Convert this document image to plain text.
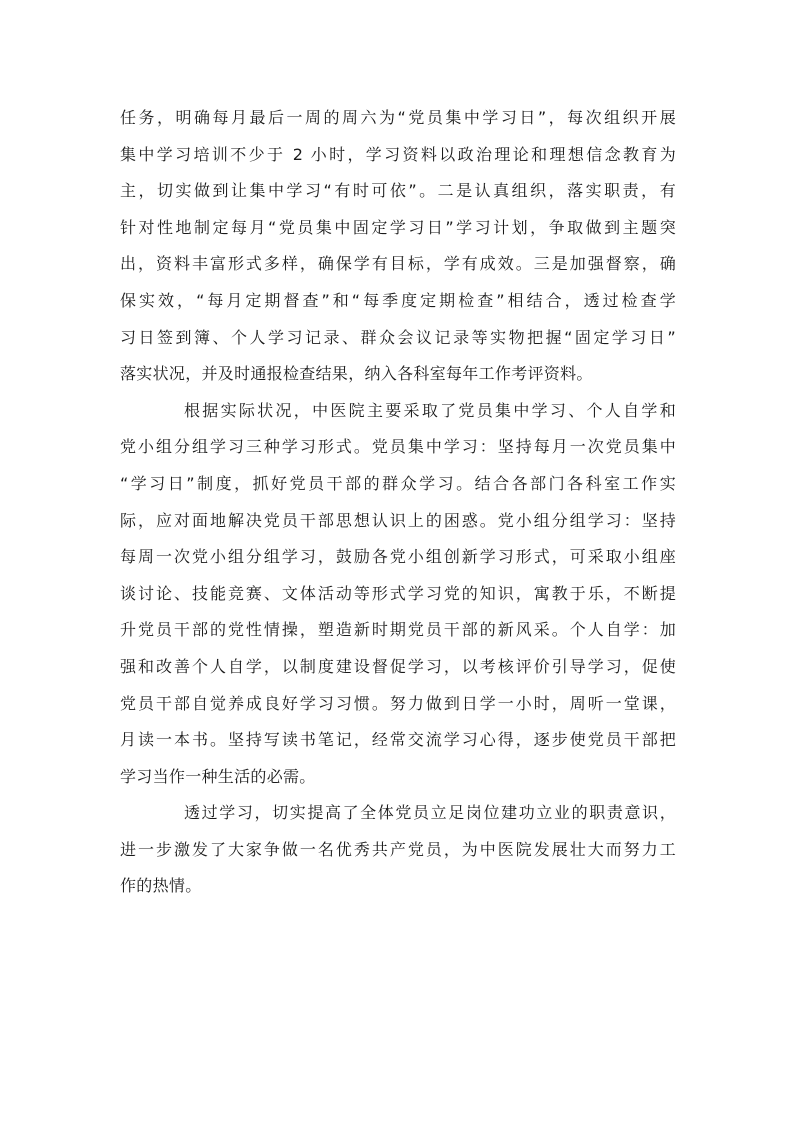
任务，明确每月最后一周的周六为“党员集中学习日”，每次组织开展
集中学习培训不少于 2 小时，学习资料以政治理论和理想信念教育为
主，切实做到让集中学习“有时可依”。二是认真组织，落实职责，有
针对性地制定每月“党员集中固定学习日”学习计划，争取做到主题突
出，资料丰富形式多样，确保学有目标，学有成效。三是加强督察，确
保实效，“每月定期督查”和“每季度定期检查”相结合，透过检查学
习日签到簿、个人学习记录、群众会议记录等实物把握“固定学习日”
落实状况，并及时通报检查结果，纳入各科室每年工作考评资料。
根据实际状况，中医院主要采取了党员集中学习、个人自学和
党小组分组学习三种学习形式。党员集中学习：坚持每月一次党员集中
“学习日”制度，抓好党员干部的群众学习。结合各部门各科室工作实
际，应对面地解决党员干部思想认识上的困惑。党小组分组学习：坚持
每周一次党小组分组学习，鼓励各党小组创新学习形式，可采取小组座
谈讨论、技能竞赛、文体活动等形式学习党的知识，寓教于乐，不断提
升党员干部的党性情操，塑造新时期党员干部的新风采。个人自学：加
强和改善个人自学，以制度建设督促学习，以考核评价引导学习，促使
党员干部自觉养成良好学习习惯。努力做到日学一小时，周听一堂课，
月读一本书。坚持写读书笔记，经常交流学习心得，逐步使党员干部把
学习当作一种生活的必需。
透过学习，切实提高了全体党员立足岗位建功立业的职责意识，
进一步激发了大家争做一名优秀共产党员，为中医院发展壮大而努力工
作的热情。
